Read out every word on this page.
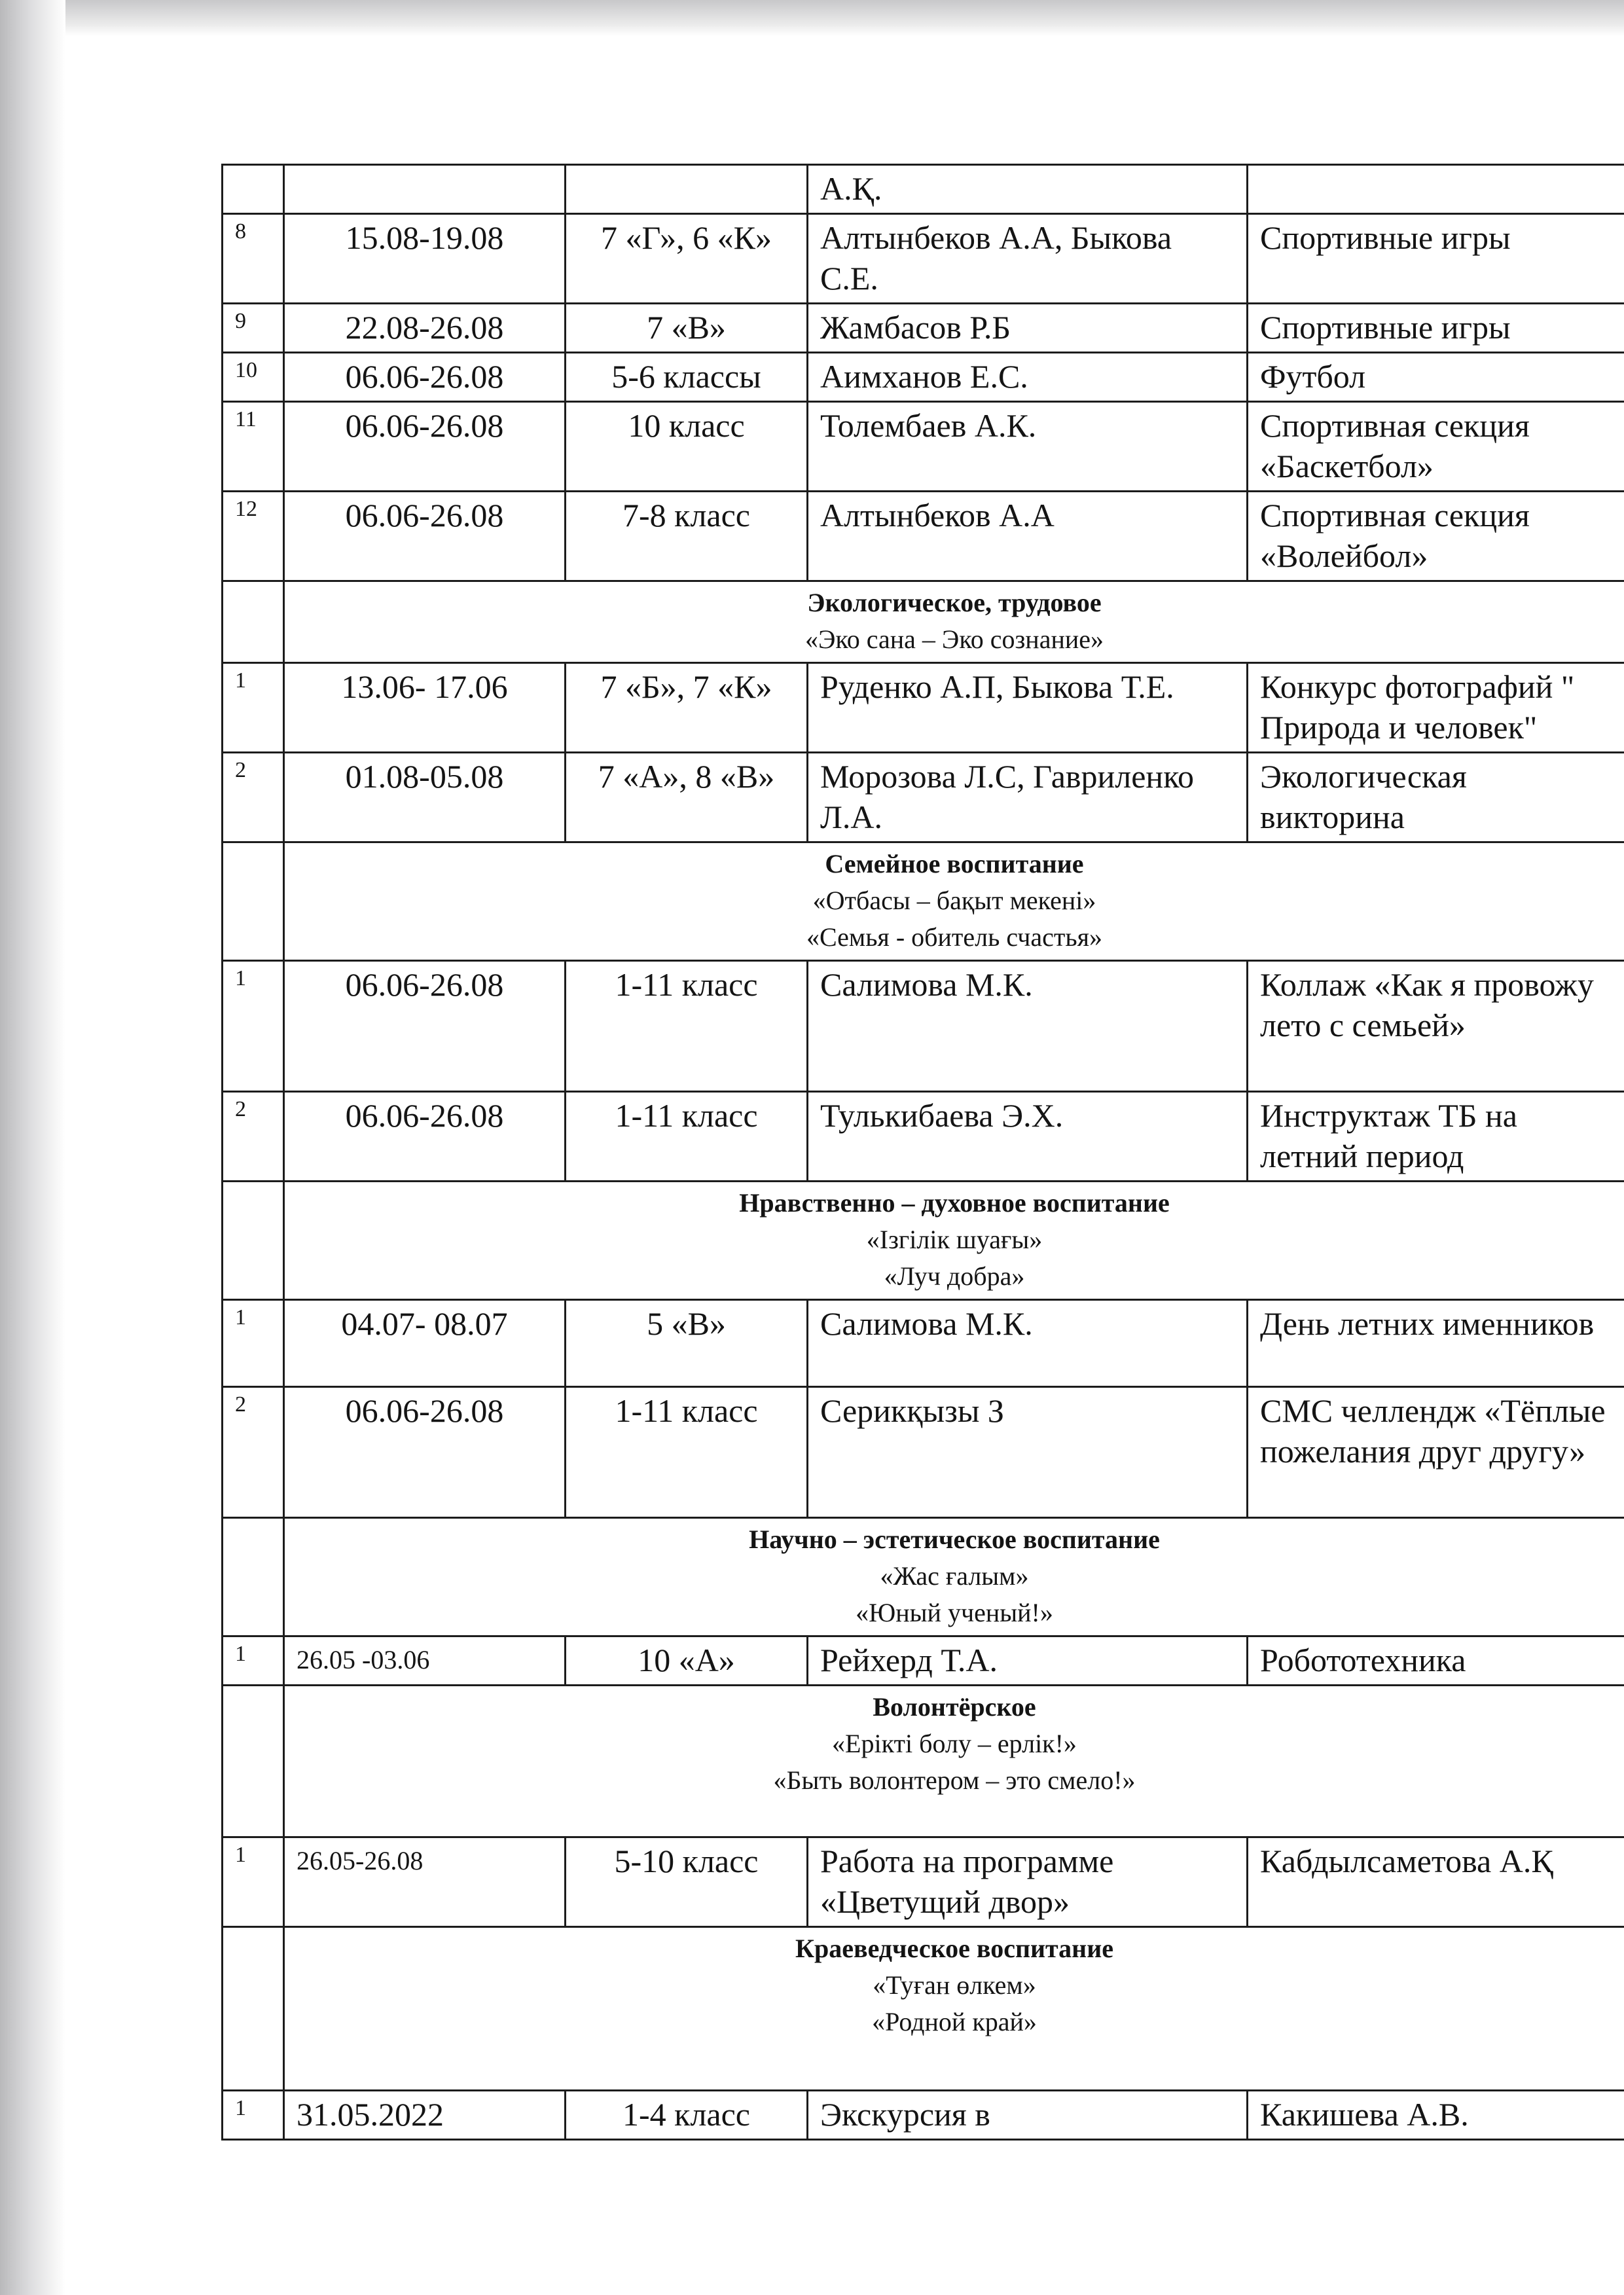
			А.Қ.	
8	15.08-19.08	7 «Г», 6 «К»	Алтынбеков А.А, Быкова С.Е.	Спортивные игры
9	22.08-26.08	7 «В»	Жамбасов Р.Б	Спортивные игры
10	06.06-26.08	5-6 классы	Аимханов Е.С.	Футбол
11	06.06-26.08	10 класс	Толембаев А.К.	Спортивная секция «Баскетбол»
12	06.06-26.08	7-8 класс	Алтынбеков А.А	Спортивная секция «Волейбол»

	Экологическое, трудовое
«Эко сана – Эко сознание»			

1	13.06- 17.06	7 «Б», 7 «К»	Руденко А.П, Быкова Т.Е.	Конкурс фотографий " Природа и человек"
2	01.08-05.08	7 «А», 8 «В»	Морозова Л.С, Гавриленко Л.А.	Экологическая викторина

	Семейное воспитание
«Отбасы – бақыт мекені»
«Семья - обитель счастья»			

1	06.06-26.08	1-11 класс	Салимова М.К.	Коллаж «Как я провожу лето с семьей»
2	06.06-26.08	1-11 класс	Тулькибаева Э.Х.	Инструктаж ТБ на летний период

	Нравственно – духовное воспитание
«Ізгілік шуағы»
«Луч добра»			

1	04.07- 08.07	5 «В»	Салимова М.К.	День летних именников
2	06.06-26.08	1-11 класс	Серикқызы З	СМС челлендж «Тёплые пожелания друг другу»

	Научно – эстетическое воспитание
«Жас ғалым»
«Юный ученый!»			

1	26.05 -03.06	10 «А»	Рейхерд Т.А.	Робототехника

	Волонтёрское
«Ерікті болу – ерлік!»
«Быть волонтером – это смело!»			

1	26.05-26.08	5-10 класс	Работа на программе «Цветущий двор»	Кабдылсаметова А.Қ

	Краеведческое воспитание
«Туған өлкем»
«Родной край»			

1	31.05.2022	1-4 класс	Экскурсия в	Какишева А.В.
